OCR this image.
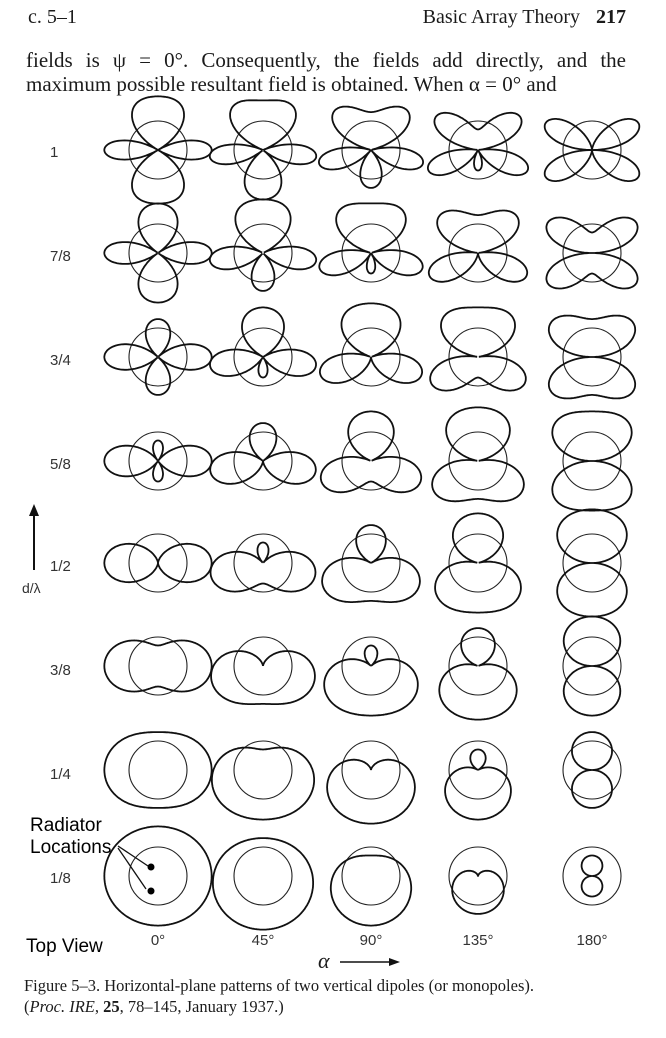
c. 5–1	Basic Array Theory 217
fields is ψ = 0°. Consequently, the fields add directly, and the maximum possible resultant field is obtained. When α = 0° and
1
7/8
3/4
5/8
1/2
3/8
1/4
1/8
d/λ
0°	45°	90°	135°	180°
α
Radiator
Locations
Top View
Figure 5–3. Horizontal-plane patterns of two vertical dipoles (or monopoles).
(Proc. IRE, 25, 78–145, January 1937.)
